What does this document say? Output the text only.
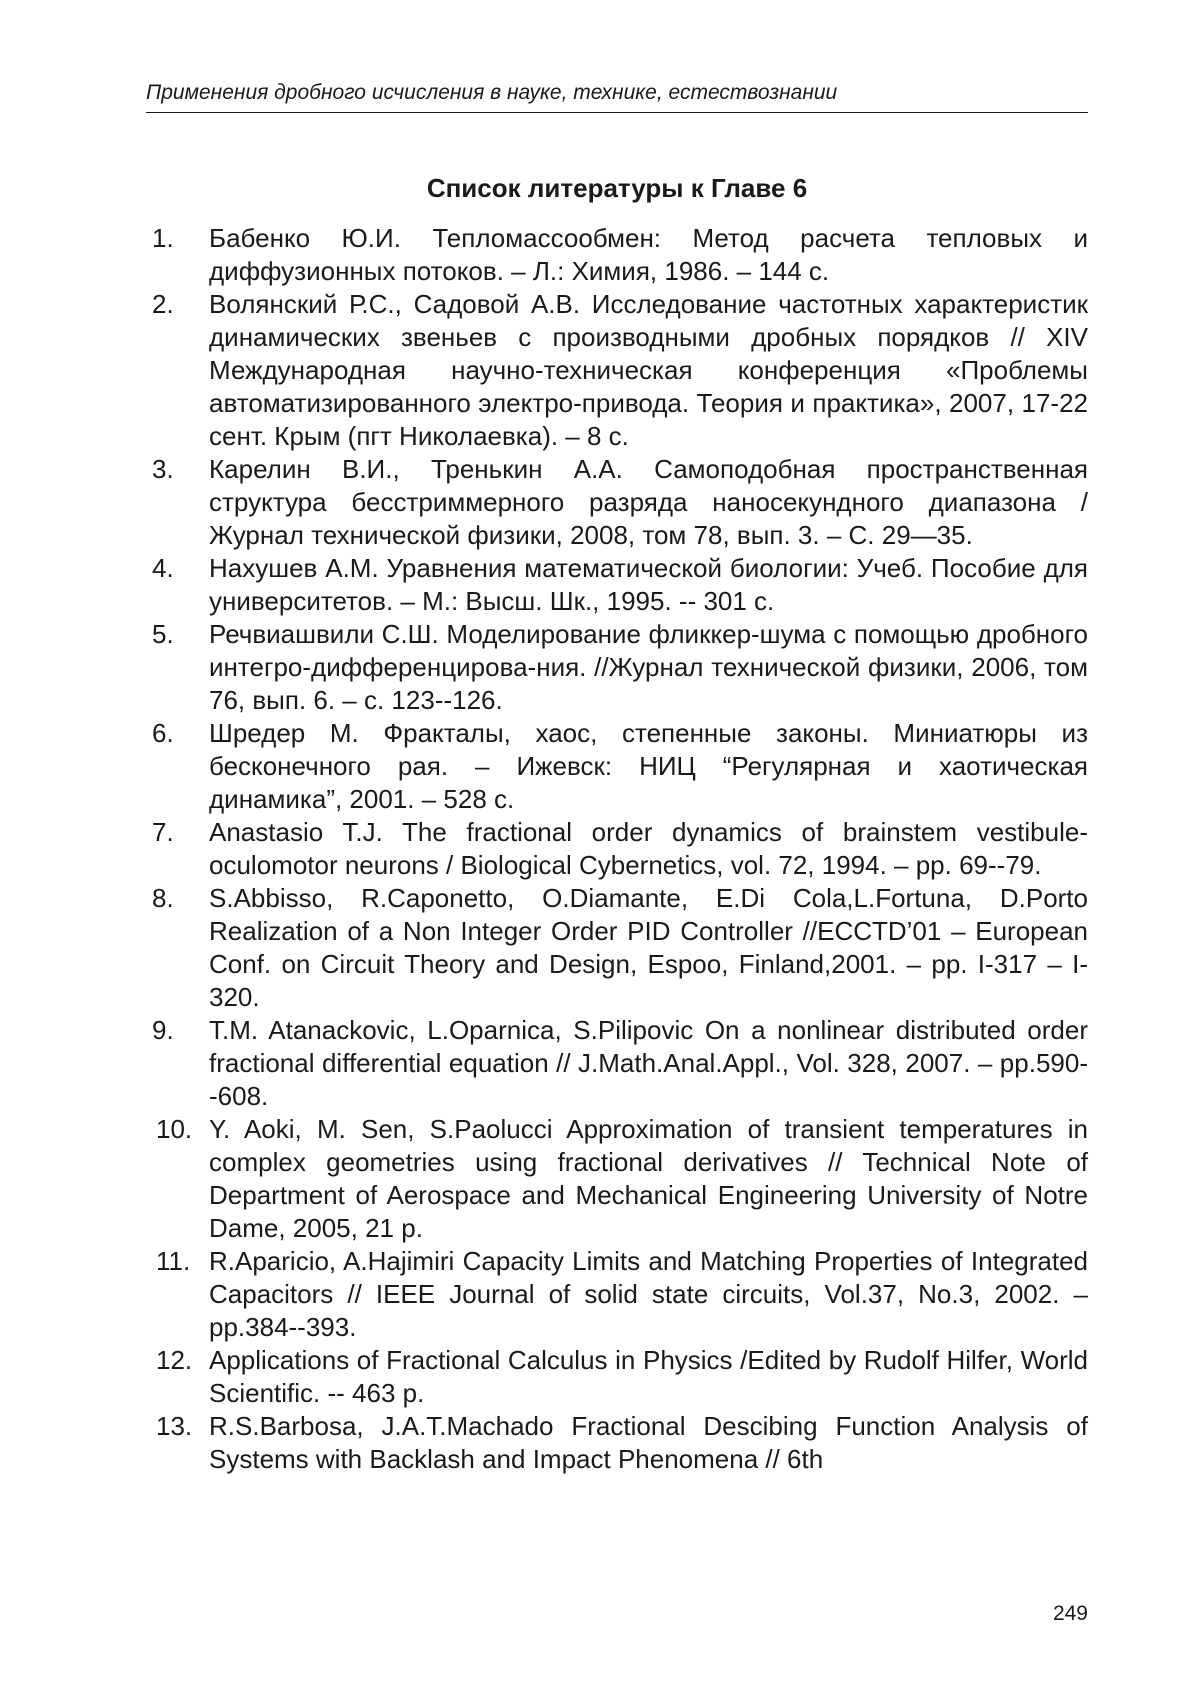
Применения дробного исчисления в науке, технике, естествознании
Список литературы к Главе 6
1.	Бабенко Ю.И. Тепломассообмен: Метод расчета тепловых и диффузионных потоков. – Л.: Химия, 1986. – 144 с.
2.	Волянский Р.С., Садовой А.В. Исследование частотных характеристик динамических звеньев с производными дробных порядков // XIV Международная научно-техническая конференция «Проблемы автоматизированного электро-привода. Теория и практика», 2007, 17-22 сент. Крым (пгт Николаевка). – 8 с.
3.	Карелин В.И., Тренькин А.А. Самоподобная пространственная структура бесстриммерного разряда наносекундного диапазона / Журнал технической физики, 2008, том 78, вып. 3. – С. 29—35.
4.	Нахушев А.М. Уравнения математической биологии: Учеб. Пособие для университетов. – М.: Высш. Шк., 1995. -- 301 с.
5.	Речвиашвили С.Ш. Моделирование фликкер-шума с помощью дробного интегро-дифференцирова-ния. //Журнал технической физики, 2006, том 76, вып. 6. – с. 123--126.
6.	Шредер М. Фракталы, хаос, степенные законы. Миниатюры из бесконечного рая. – Ижевск: НИЦ “Регулярная и хаотическая динамика”, 2001. – 528 с.
7.	Anastasio T.J. The fractional order dynamics of brainstem vestibule-oculomotor neurons / Biological Cybernetics, vol. 72, 1994. – pp. 69--79.
8.	S.Abbisso, R.Caponetto, O.Diamante, E.Di Cola,L.Fortuna, D.Porto Realization of a Non Integer Order PID Controller //ECCTD’01 – European Conf. on Circuit Theory and Design, Espoo, Finland,2001. – pp. I-317 – I-320.
9.	T.M. Atanackovic, L.Oparnica, S.Pilipovic On a nonlinear distributed order fractional differential equation // J.Math.Anal.Appl., Vol. 328, 2007. – pp.590--608.
10. Y. Aoki, M. Sen, S.Paolucci Approximation of transient temperatures in complex geometries using fractional derivatives // Technical Note of Department of Aerospace and Mechanical Engineering University of Notre Dame, 2005, 21 p.
11. R.Aparicio, A.Hajimiri Capacity Limits and Matching Properties of Integrated Capacitors // IEEE Journal of solid state circuits, Vol.37, No.3, 2002. – pp.384--393.
12. Applications of Fractional Calculus in Physics /Edited by Rudolf Hilfer, World Scientific. -- 463 p.
13. R.S.Barbosa, J.A.T.Machado Fractional Descibing Function Analysis of Systems with Backlash and Impact Phenomena // 6th
249
